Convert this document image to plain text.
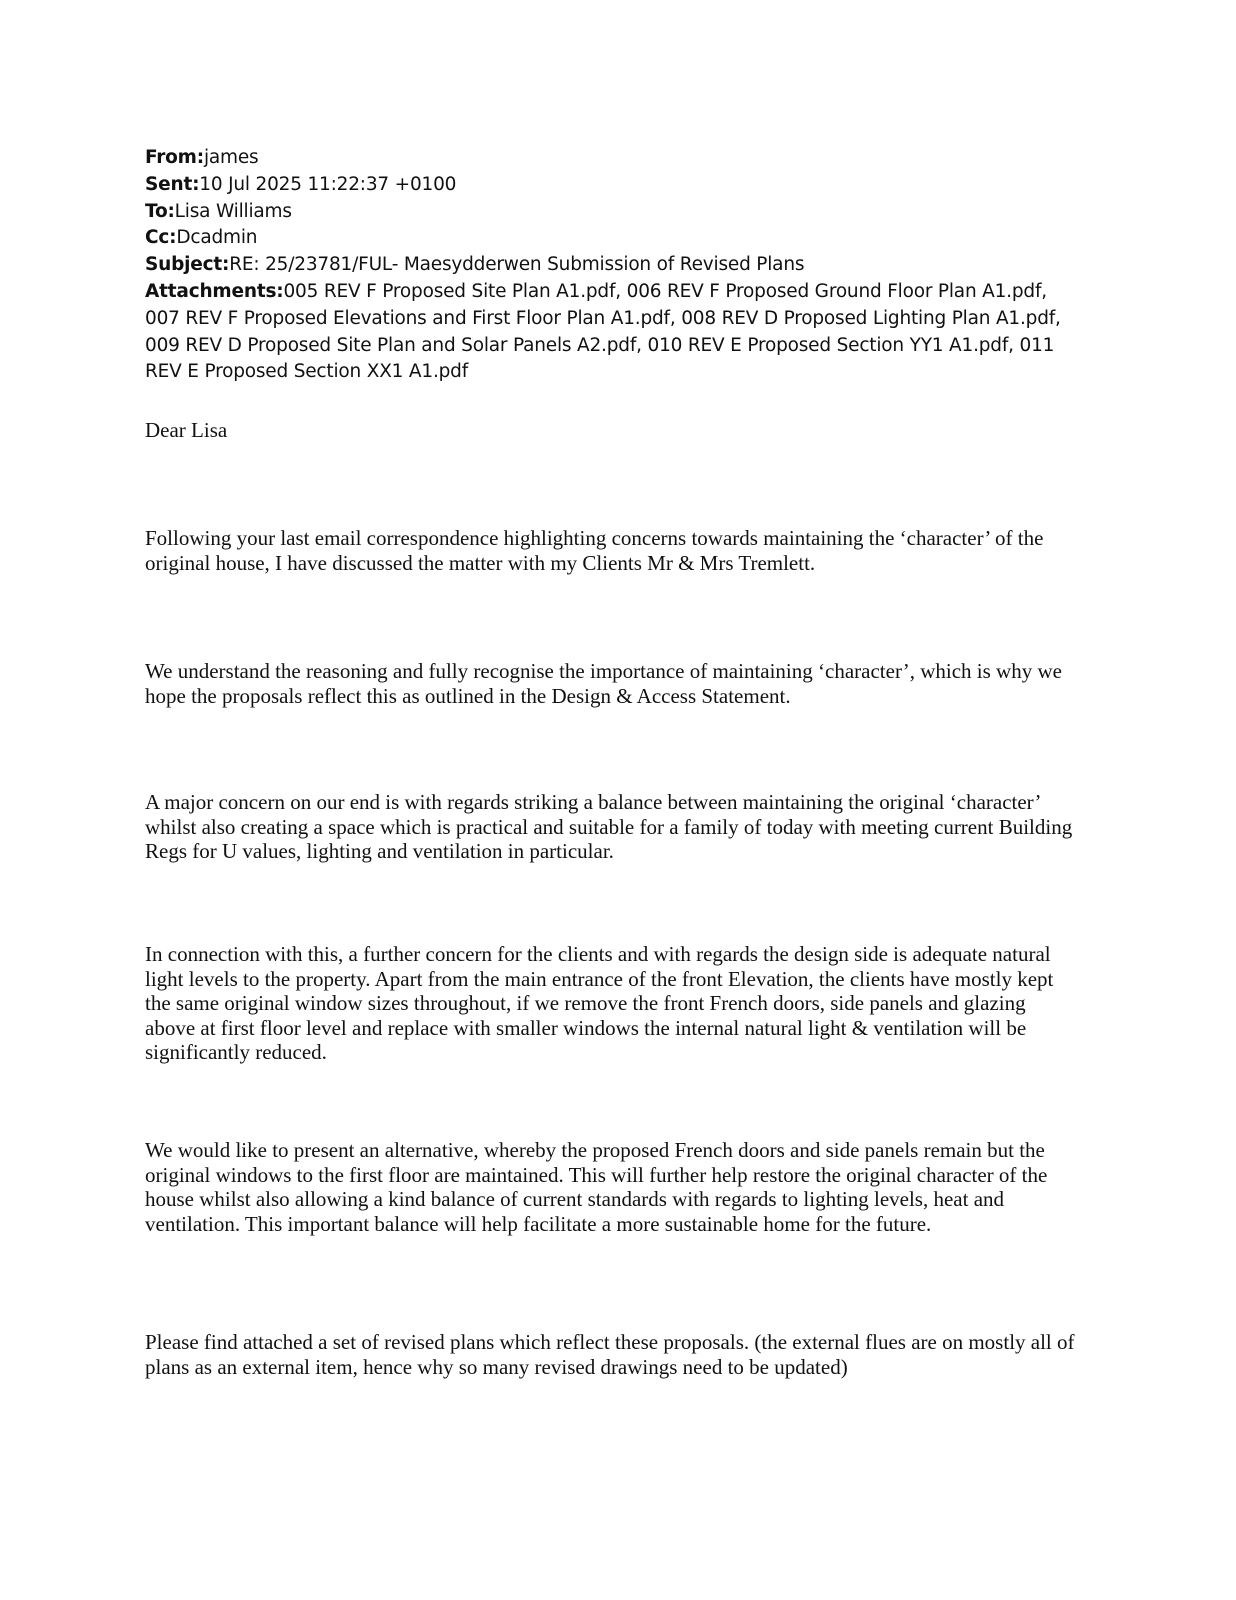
From:james

Sent:10 Jul 2025 11:22:37 +0100

To:Lisa Williams

Cc:Dcadmin

Subject:RE: 25/23781/FUL- Maesydderwen Submission of Revised Plans

Attachments:005 REV F Proposed Site Plan A1.pdf, 006 REV F Proposed Ground Floor Plan A1.pdf, 007 REV F Proposed Elevations and First Floor Plan A1.pdf, 008 REV D Proposed Lighting Plan A1.pdf, 009 REV D Proposed Site Plan and Solar Panels A2.pdf, 010 REV E Proposed Section YY1 A1.pdf, 011 REV E Proposed Section XX1 A1.pdf

Dear Lisa

Following your last email correspondence highlighting concerns towards maintaining the ‘character’ of the original house, I have discussed the matter with my Clients Mr & Mrs Tremlett.

We understand the reasoning and fully recognise the importance of maintaining ‘character’, which is why we hope the proposals reflect this as outlined in the Design & Access Statement.

A major concern on our end is with regards striking a balance between maintaining the original ‘character’ whilst also creating a space which is practical and suitable for a family of today with meeting current Building Regs for U values, lighting and ventilation in particular.

In connection with this, a further concern for the clients and with regards the design side is adequate natural light levels to the property. Apart from the main entrance of the front Elevation, the clients have mostly kept the same original window sizes throughout, if we remove the front French doors, side panels and glazing above at first floor level and replace with smaller windows the internal natural light & ventilation will be significantly reduced.

We would like to present an alternative, whereby the proposed French doors and side panels remain but the original windows to the first floor are maintained. This will further help restore the original character of the house whilst also allowing a kind balance of current standards with regards to lighting levels, heat and ventilation. This important balance will help facilitate a more sustainable home for the future.

Please find attached a set of revised plans which reflect these proposals. (the external flues are on mostly all of plans as an external item, hence why so many revised drawings need to be updated)
